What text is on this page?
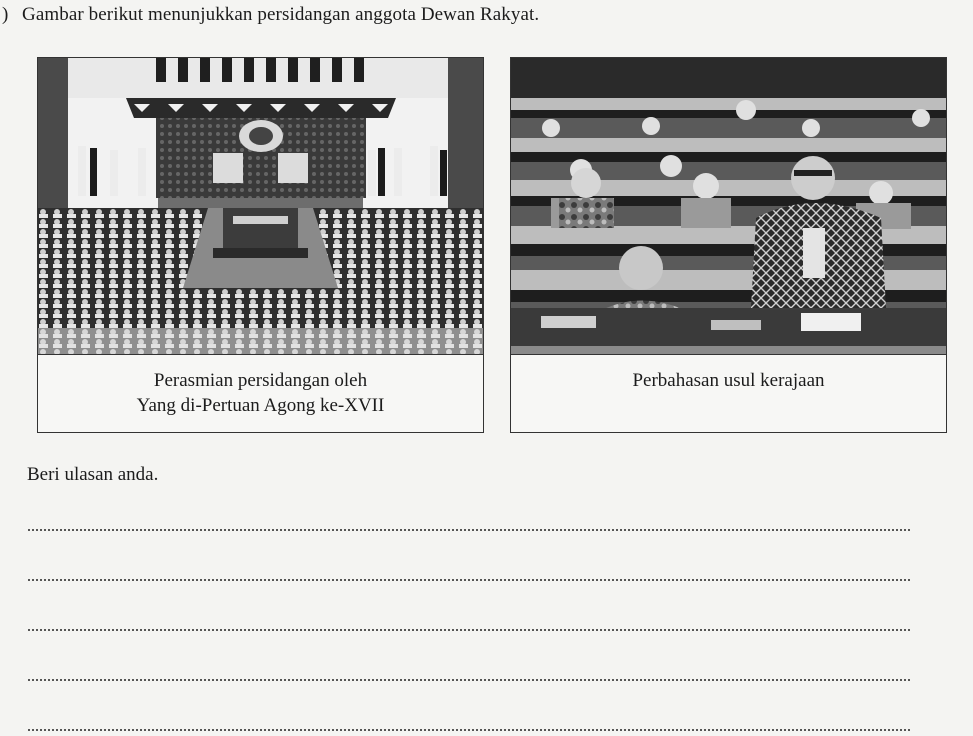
) Gambar berikut menunjukkan persidangan anggota Dewan Rakyat.
Perasmian persidangan oleh
Yang di-Pertuan Agong ke-XVII
Perbahasan usul kerajaan
Beri ulasan anda.
